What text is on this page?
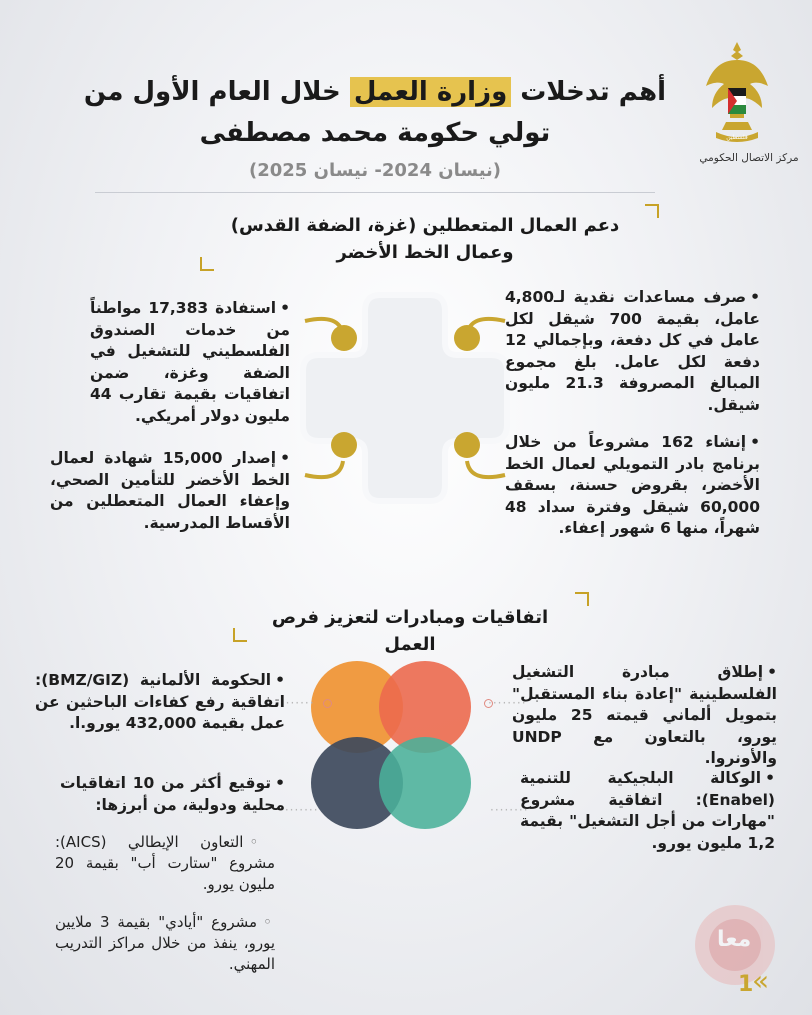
فلسطين
مركز الاتصال الحكومي
أهم تدخلات وزارة العمل خلال العام الأول من
تولي حكومة محمد مصطفى
(نيسان 2024- نيسان 2025)
دعم العمال المتعطلين (غزة، الضفة القدس) وعمال الخط الأخضر
•صرف مساعدات نقدية لـ4,800 عامل، بقيمة 700 شيقل لكل عامل في كل دفعة، وبإجمالي 12 دفعة لكل عامل. بلغ مجموع المبالغ المصروفة 21.3 مليون شيقل.
•استفادة 17,383 مواطناً من خدمات الصندوق الفلسطيني للتشغيل في الضفة وغزة، ضمن اتفاقيات بقيمة تقارب 44 مليون دولار أمريكي.
•إنشاء 162 مشروعاً من خلال برنامج بادر التمويلي لعمال الخط الأخضر، بقروض حسنة، بسقف 60,000 شيقل وفترة سداد 48 شهراً، منها 6 شهور إعفاء.
•إصدار 15,000 شهادة لعمال الخط الأخضر للتأمين الصحي، وإعفاء العمال المتعطلين من الأقساط المدرسية.
اتفاقيات ومبادرات لتعزيز فرص العمل
········
········
········
········
•إطلاق مبادرة التشغيل الفلسطينية "إعادة بناء المستقبل" بتمويل ألماني قيمته 25 مليون يورو، بالتعاون مع UNDP والأونروا.
•الحكومة الألمانية (BMZ/GIZ): اتفاقية رفع كفاءات الباحثين عن عمل بقيمة 432,000 يورو.ا.
•الوكالة البلجيكية للتنمية (Enabel): اتفاقية مشروع "مهارات من أجل التشغيل" بقيمة 1,2 مليون يورو.
•توقيع أكثر من 10 اتفاقيات محلية ودولية، من أبرزها:
◦التعاون الإيطالي (AICS): مشروع "ستارت أب" بقيمة 20 مليون يورو.
◦مشروع "أيادي" بقيمة 3 ملايين يورو، ينفذ من خلال مراكز التدريب المهني.
معا
1
»
